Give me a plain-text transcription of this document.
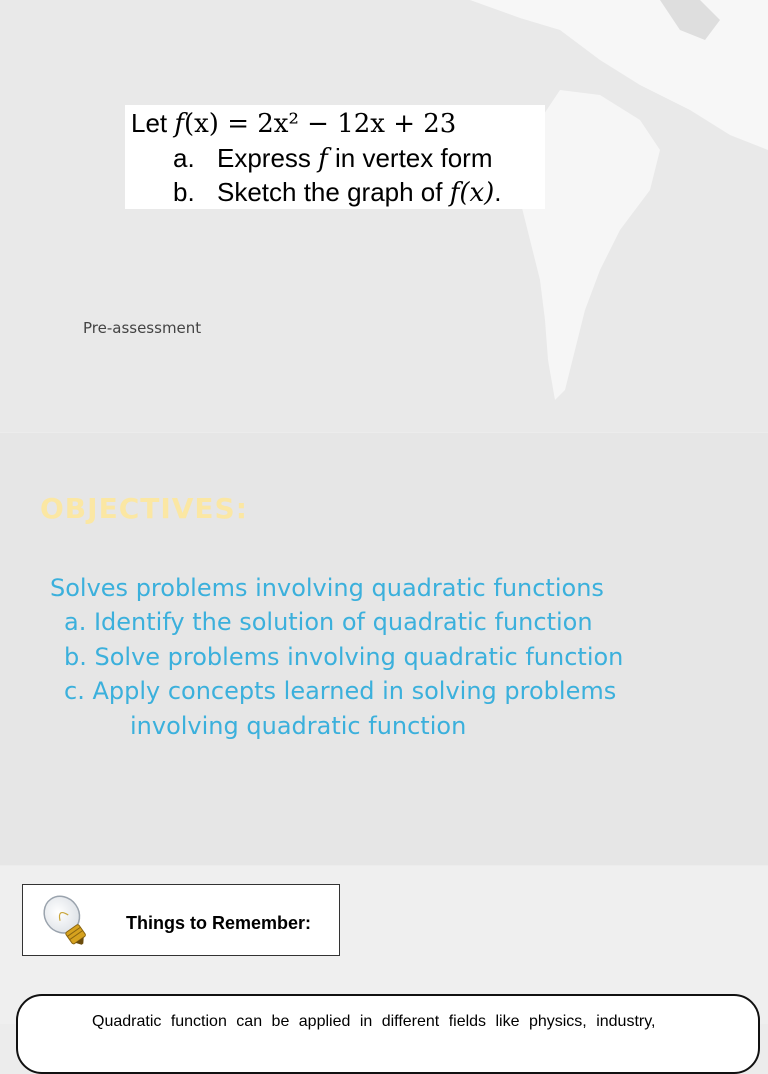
Let f(x) = 2x² − 12x + 23
a. Express f in vertex form
b. Sketch the graph of f(x).
Pre-assessment
OBJECTIVES:
Solves problems involving quadratic functions
a. Identify the solution of quadratic function
b. Solve problems involving quadratic function
c. Apply concepts learned in solving problems
involving quadratic function
Things to Remember:
Quadratic function can be applied in different fields like physics, industry,
